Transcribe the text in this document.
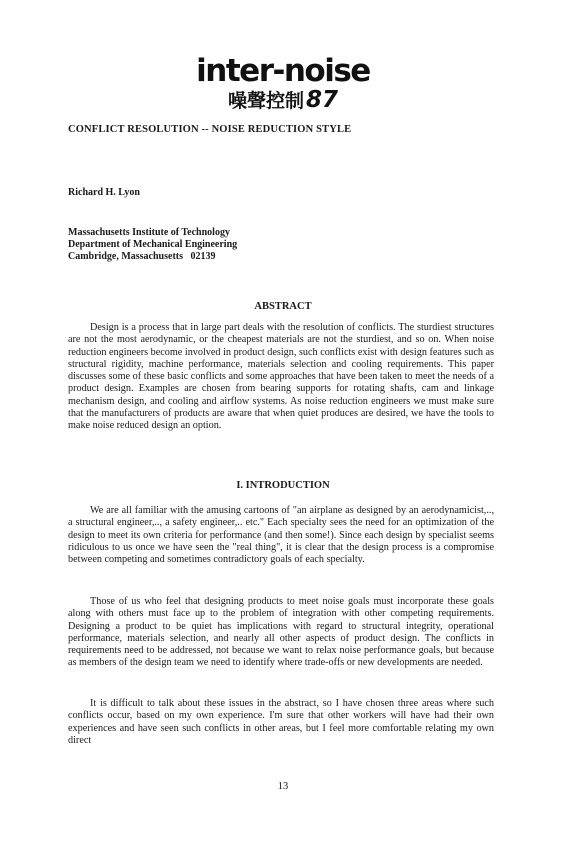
inter-noise
噪聲控制87
CONFLICT RESOLUTION -- NOISE REDUCTION STYLE
Richard H. Lyon
Massachusetts Institute of Technology
Department of Mechanical Engineering
Cambridge, Massachusetts   02139
ABSTRACT
Design is a process that in large part deals with the resolution of conflicts. The sturdiest structures are not the most aerodynamic, or the cheapest materials are not the sturdiest, and so on. When noise reduction engineers become involved in product design, such conflicts exist with design features such as structural rigidity, machine performance, materials selection and cooling requirements. This paper discusses some of these basic conflicts and some approaches that have been taken to meet the needs of a product design. Examples are chosen from bearing supports for rotating shafts, cam and linkage mechanism design, and cooling and airflow systems. As noise reduction engineers we must make sure that the manufacturers of products are aware that when quiet produces are desired, we have the tools to make noise reduced design an option.
I. INTRODUCTION
We are all familiar with the amusing cartoons of "an airplane as designed by an aerodynamicist,.., a structural engineer,.., a safety engineer,.. etc." Each specialty sees the need for an optimization of the design to meet its own criteria for performance (and then some!). Since each design by specialist seems ridiculous to us once we have seen the "real thing", it is clear that the design process is a compromise between competing and sometimes contradictory goals of each specialty.
Those of us who feel that designing products to meet noise goals must incorporate these goals along with others must face up to the problem of integration with other competing requirements. Designing a product to be quiet has implications with regard to structural integrity, operational performance, materials selection, and nearly all other aspects of product design. The conflicts in requirements need to be addressed, not because we want to relax noise performance goals, but because as members of the design team we need to identify where trade-offs or new developments are needed.
It is difficult to talk about these issues in the abstract, so I have chosen three areas where such conflicts occur, based on my own experience. I'm sure that other workers will have had their own experiences and have seen such conflicts in other areas, but I feel more comfortable relating my own direct
13
